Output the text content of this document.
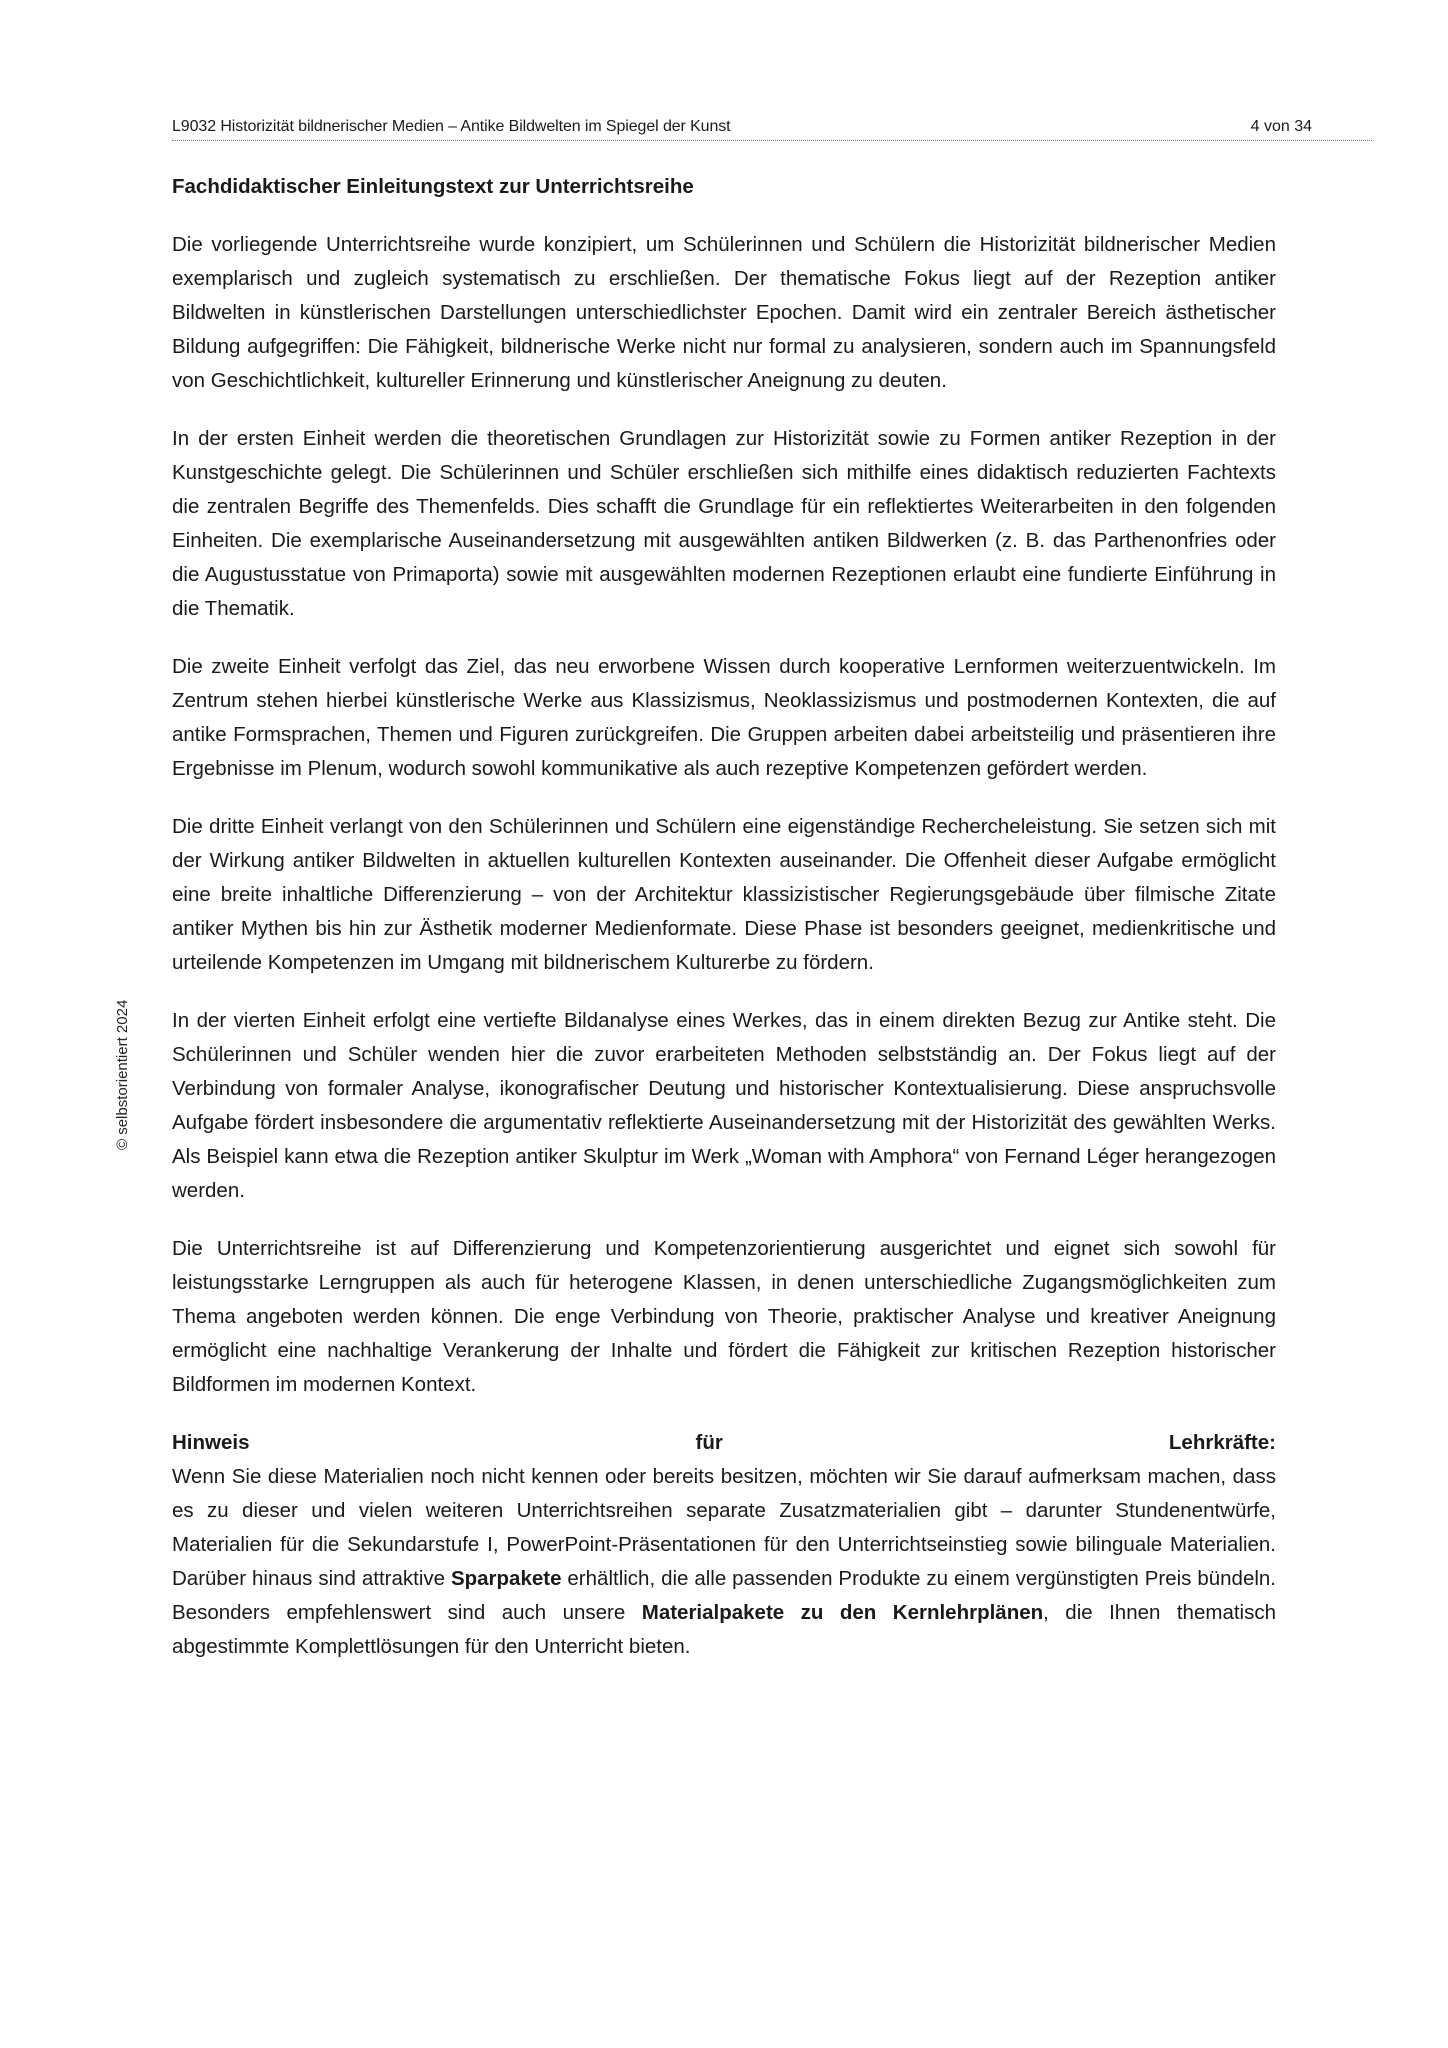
L9032 Historizität bildnerischer Medien – Antike Bildwelten im Spiegel der Kunst	4 von 34
© selbstorientiert 2024
Fachdidaktischer Einleitungstext zur Unterrichtsreihe

Die vorliegende Unterrichtsreihe wurde konzipiert, um Schülerinnen und Schülern die Historizität bildnerischer Medien exemplarisch und zugleich systematisch zu erschließen. Der thematische Fokus liegt auf der Rezeption antiker Bildwelten in künstlerischen Darstellungen unterschiedlichster Epochen. Damit wird ein zentraler Bereich ästhetischer Bildung aufgegriffen: Die Fähigkeit, bildnerische Werke nicht nur formal zu analysieren, sondern auch im Spannungsfeld von Geschichtlichkeit, kultureller Erinnerung und künstlerischer Aneignung zu deuten.

In der ersten Einheit werden die theoretischen Grundlagen zur Historizität sowie zu Formen antiker Rezeption in der Kunstgeschichte gelegt. Die Schülerinnen und Schüler erschließen sich mithilfe eines didaktisch reduzierten Fachtexts die zentralen Begriffe des Themenfelds. Dies schafft die Grundlage für ein reflektiertes Weiterarbeiten in den folgenden Einheiten. Die exemplarische Auseinandersetzung mit ausgewählten antiken Bildwerken (z. B. das Parthenonfries oder die Augustusstatue von Primaporta) sowie mit ausgewählten modernen Rezeptionen erlaubt eine fundierte Einführung in die Thematik.

Die zweite Einheit verfolgt das Ziel, das neu erworbene Wissen durch kooperative Lernformen weiterzuentwickeln. Im Zentrum stehen hierbei künstlerische Werke aus Klassizismus, Neoklassizismus und postmodernen Kontexten, die auf antike Formsprachen, Themen und Figuren zurückgreifen. Die Gruppen arbeiten dabei arbeitsteilig und präsentieren ihre Ergebnisse im Plenum, wodurch sowohl kommunikative als auch rezeptive Kompetenzen gefördert werden.

Die dritte Einheit verlangt von den Schülerinnen und Schülern eine eigenständige Rechercheleistung. Sie setzen sich mit der Wirkung antiker Bildwelten in aktuellen kulturellen Kontexten auseinander. Die Offenheit dieser Aufgabe ermöglicht eine breite inhaltliche Differenzierung – von der Architektur klassizistischer Regierungsgebäude über filmische Zitate antiker Mythen bis hin zur Ästhetik moderner Medienformate. Diese Phase ist besonders geeignet, medienkritische und urteilende Kompetenzen im Umgang mit bildnerischem Kulturerbe zu fördern.

In der vierten Einheit erfolgt eine vertiefte Bildanalyse eines Werkes, das in einem direkten Bezug zur Antike steht. Die Schülerinnen und Schüler wenden hier die zuvor erarbeiteten Methoden selbstständig an. Der Fokus liegt auf der Verbindung von formaler Analyse, ikonografischer Deutung und historischer Kontextualisierung. Diese anspruchsvolle Aufgabe fördert insbesondere die argumentativ reflektierte Auseinandersetzung mit der Historizität des gewählten Werks. Als Beispiel kann etwa die Rezeption antiker Skulptur im Werk „Woman with Amphora“ von Fernand Léger herangezogen werden.

Die Unterrichtsreihe ist auf Differenzierung und Kompetenzorientierung ausgerichtet und eignet sich sowohl für leistungsstarke Lerngruppen als auch für heterogene Klassen, in denen unterschiedliche Zugangsmöglichkeiten zum Thema angeboten werden können. Die enge Verbindung von Theorie, praktischer Analyse und kreativer Aneignung ermöglicht eine nachhaltige Verankerung der Inhalte und fördert die Fähigkeit zur kritischen Rezeption historischer Bildformen im modernen Kontext.

Hinweis	für	Lehrkräfte:

Wenn Sie diese Materialien noch nicht kennen oder bereits besitzen, möchten wir Sie darauf aufmerksam machen, dass es zu dieser und vielen weiteren Unterrichtsreihen separate Zusatzmaterialien gibt – darunter Stundenentwürfe, Materialien für die Sekundarstufe I, PowerPoint-Präsentationen für den Unterrichtseinstieg sowie bilinguale Materialien. Darüber hinaus sind attraktive Sparpakete erhältlich, die alle passenden Produkte zu einem vergünstigten Preis bündeln. Besonders empfehlenswert sind auch unsere Materialpakete zu den Kernlehrplänen, die Ihnen thematisch abgestimmte Komplettlösungen für den Unterricht bieten.
